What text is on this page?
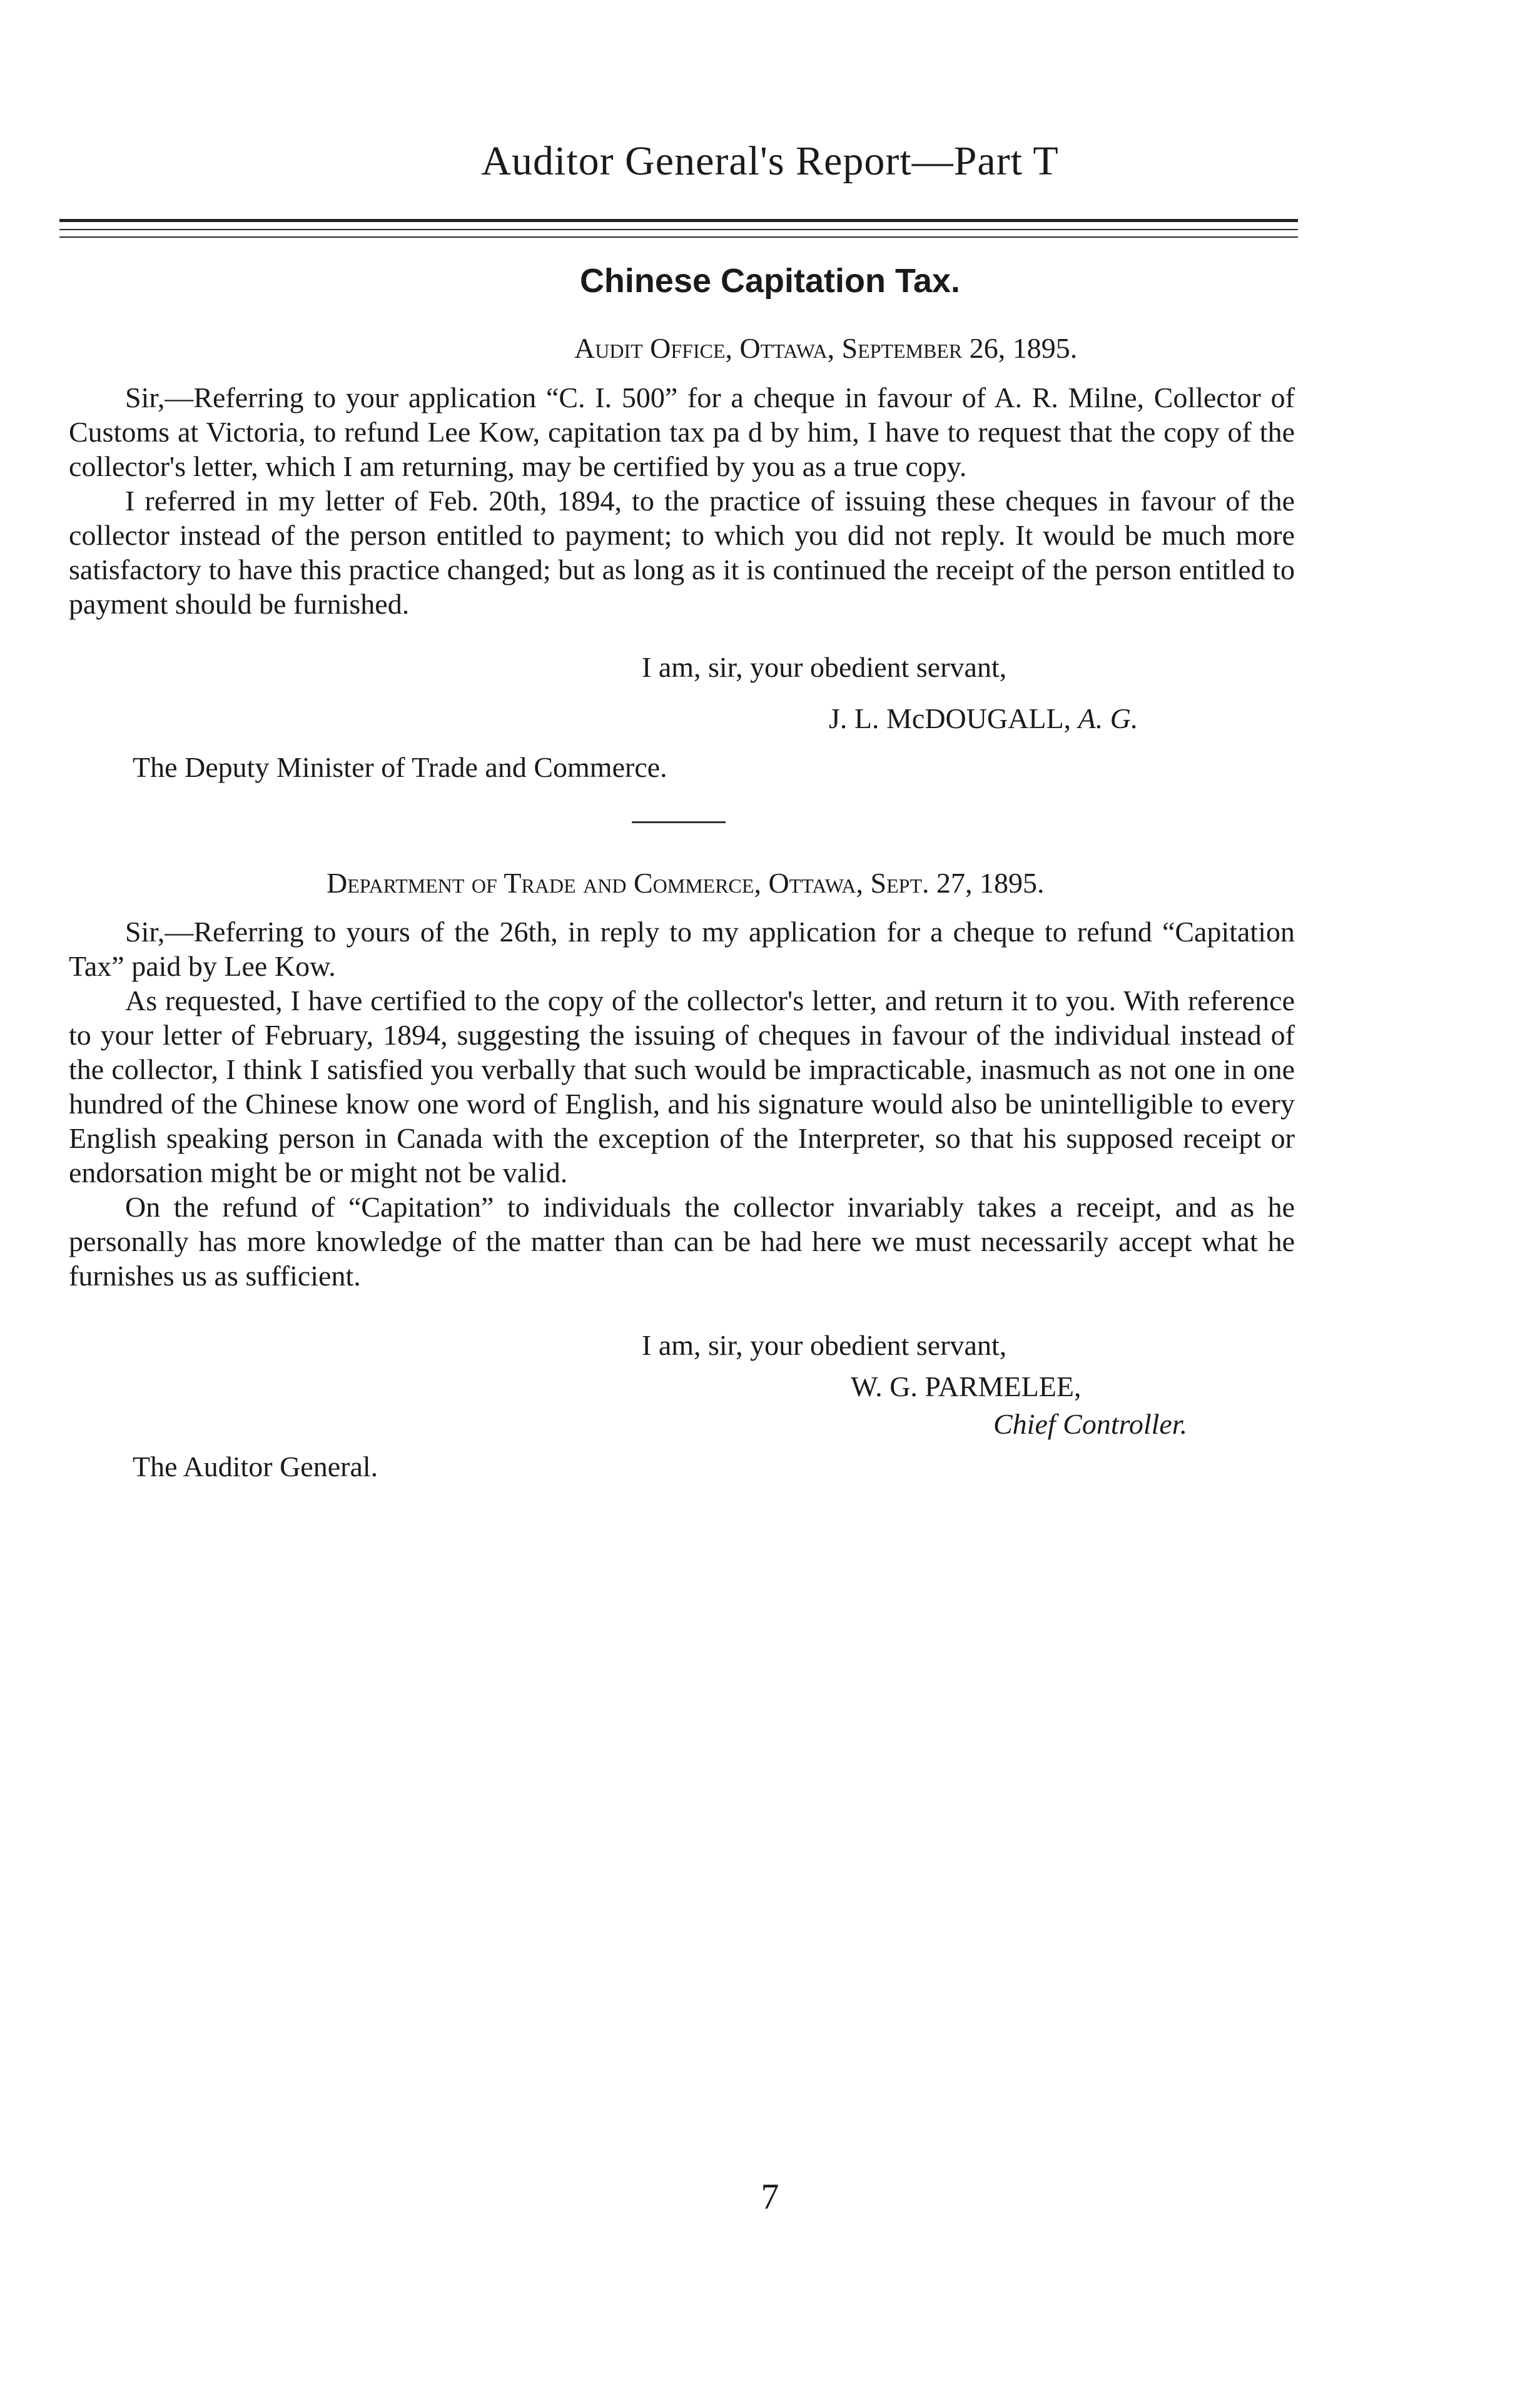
Auditor General's Report—Part T
Chinese Capitation Tax.
Audit Office, Ottawa, September 26, 1895.

Sir,—Referring to your application “C. I. 500” for a cheque in favour of A. R. Milne, Collector of Customs at Victoria, to refund Lee Kow, capitation tax pa d by him, I have to request that the copy of the collector's letter, which I am returning, may be certified by you as a true copy.

I referred in my letter of Feb. 20th, 1894, to the practice of issuing these cheques in favour of the collector instead of the person entitled to payment; to which you did not reply. It would be much more satisfactory to have this practice changed; but as long as it is continued the receipt of the person entitled to payment should be furnished.

I am, sir, your obedient servant,
J. L. McDOUGALL, A. G.
The Deputy Minister of Trade and Commerce.
Department of Trade and Commerce, Ottawa, Sept. 27, 1895.

Sir,—Referring to yours of the 26th, in reply to my application for a cheque to refund “Capitation Tax” paid by Lee Kow.

As requested, I have certified to the copy of the collector's letter, and return it to you. With reference to your letter of February, 1894, suggesting the issuing of cheques in favour of the individual instead of the collector, I think I satisfied you verbally that such would be impracticable, inasmuch as not one in one hundred of the Chinese know one word of English, and his signature would also be unintelligible to every English speaking person in Canada with the exception of the Interpreter, so that his supposed receipt or endorsation might be or might not be valid.

On the refund of “Capitation” to individuals the collector invariably takes a receipt, and as he personally has more knowledge of the matter than can be had here we must necessarily accept what he furnishes us as sufficient.

I am, sir, your obedient servant,
W. G. PARMELEE,
Chief Controller.
The Auditor General.
7
